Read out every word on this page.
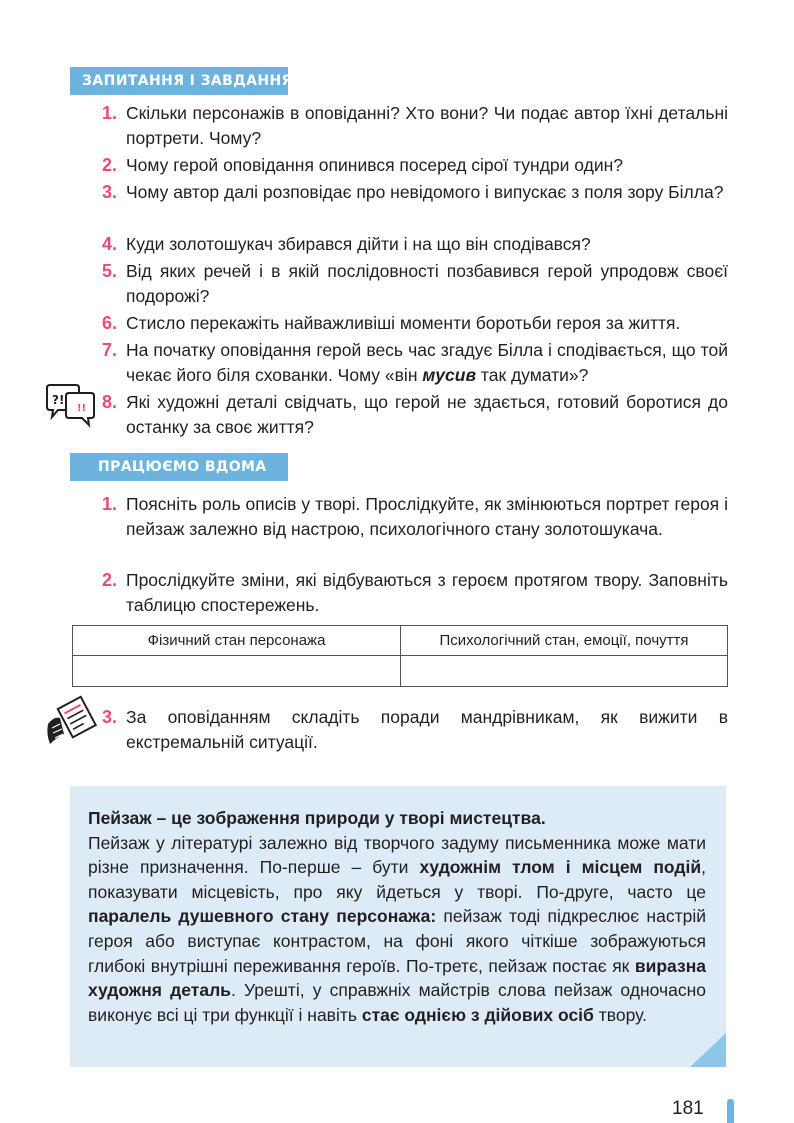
ЗАПИТАННЯ І ЗАВДАННЯ

1. Скільки персонажів в оповіданні? Хто вони? Чи подає автор їхні детальні портрети. Чому?

2. Чому герой оповідання опинився посеред сірої тундри один?

3. Чому автор далі розповідає про невідомого і випускає з поля зору Білла?

4. Куди золотошукач збирався дійти і на що він сподівався?

5. Від яких речей і в якій послідовності позбавився герой упродовж своєї подорожі?

6. Стисло перекажіть найважливіші моменти боротьби героя за життя.

7. На початку оповідання герой весь час згадує Білла і сподівається, що той чекає його біля схованки. Чому «він мусив так думати»?

?!
!! 8. Які художні деталі свідчать, що герой не здається, готовий боротися до останку за своє життя?

ПРАЦЮЄМО ВДОМА

1. Поясніть роль описів у творі. Прослідкуйте, як змінюються портрет героя і пейзаж залежно від настрою, психологічного стану золотошукача.

2. Прослідкуйте зміни, які відбуваються з героєм протягом твору. Заповніть таблицю спостережень.

Фізичний стан персонажа	Психологічний стан, емоції, почуття

3. За оповіданням складіть поради мандрівникам, як вижити в екстремальній ситуації.

Пейзаж – це зображення природи у творі мистецтва.

Пейзаж у літературі залежно від творчого задуму письменника може мати різне призначення. По-перше – бути художнім тлом і місцем подій, показувати місцевість, про яку йдеться у творі. По-друге, часто це паралель душевного стану персонажа: пейзаж тоді підкреслює настрій героя або виступає контрастом, на фоні якого чіткіше зображуються глибокі внутрішні переживання героїв. По-третє, пейзаж постає як виразна художня деталь. Урешті, у справжніх майстрів слова пейзаж одночасно виконує всі ці три функції і навіть стає однією з дійових осіб твору.

181
